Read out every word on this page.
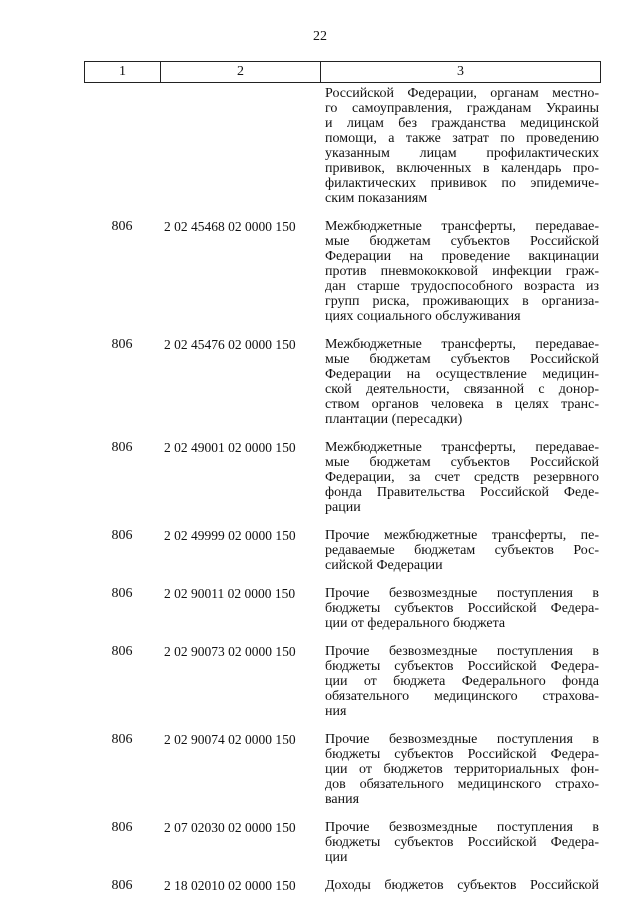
22
1	2	3
Российской Федерации, органам местно-
го самоуправления, гражданам Украины
и лицам без гражданства медицинской
помощи, а также затрат по проведению
указанным лицам профилактических
прививок, включенных в календарь про-
филактических прививок по эпидемиче-
ским показаниям
806	2 02 45468 02 0000 150	Межбюджетные трансферты, передавае-
мые бюджетам субъектов Российской
Федерации на проведение вакцинации
против пневмококковой инфекции граж-
дан старше трудоспособного возраста из
групп риска, проживающих в организа-
циях социального обслуживания
806	2 02 45476 02 0000 150	Межбюджетные трансферты, передавае-
мые бюджетам субъектов Российской
Федерации на осуществление медицин-
ской деятельности, связанной с донор-
ством органов человека в целях транс-
плантации (пересадки)
806	2 02 49001 02 0000 150	Межбюджетные трансферты, передавае-
мые бюджетам субъектов Российской
Федерации, за счет средств резервного
фонда Правительства Российской Феде-
рации
806	2 02 49999 02 0000 150	Прочие межбюджетные трансферты, пе-
редаваемые бюджетам субъектов Рос-
сийской Федерации
806	2 02 90011 02 0000 150	Прочие безвозмездные поступления в
бюджеты субъектов Российской Федера-
ции от федерального бюджета
806	2 02 90073 02 0000 150	Прочие безвозмездные поступления в
бюджеты субъектов Российской Федера-
ции от бюджета Федерального фонда
обязательного медицинского страхова-
ния
806	2 02 90074 02 0000 150	Прочие безвозмездные поступления в
бюджеты субъектов Российской Федера-
ции от бюджетов территориальных фон-
дов обязательного медицинского страхо-
вания
806	2 07 02030 02 0000 150	Прочие безвозмездные поступления в
бюджеты субъектов Российской Федера-
ции
806	2 18 02010 02 0000 150	Доходы бюджетов субъектов Российской
